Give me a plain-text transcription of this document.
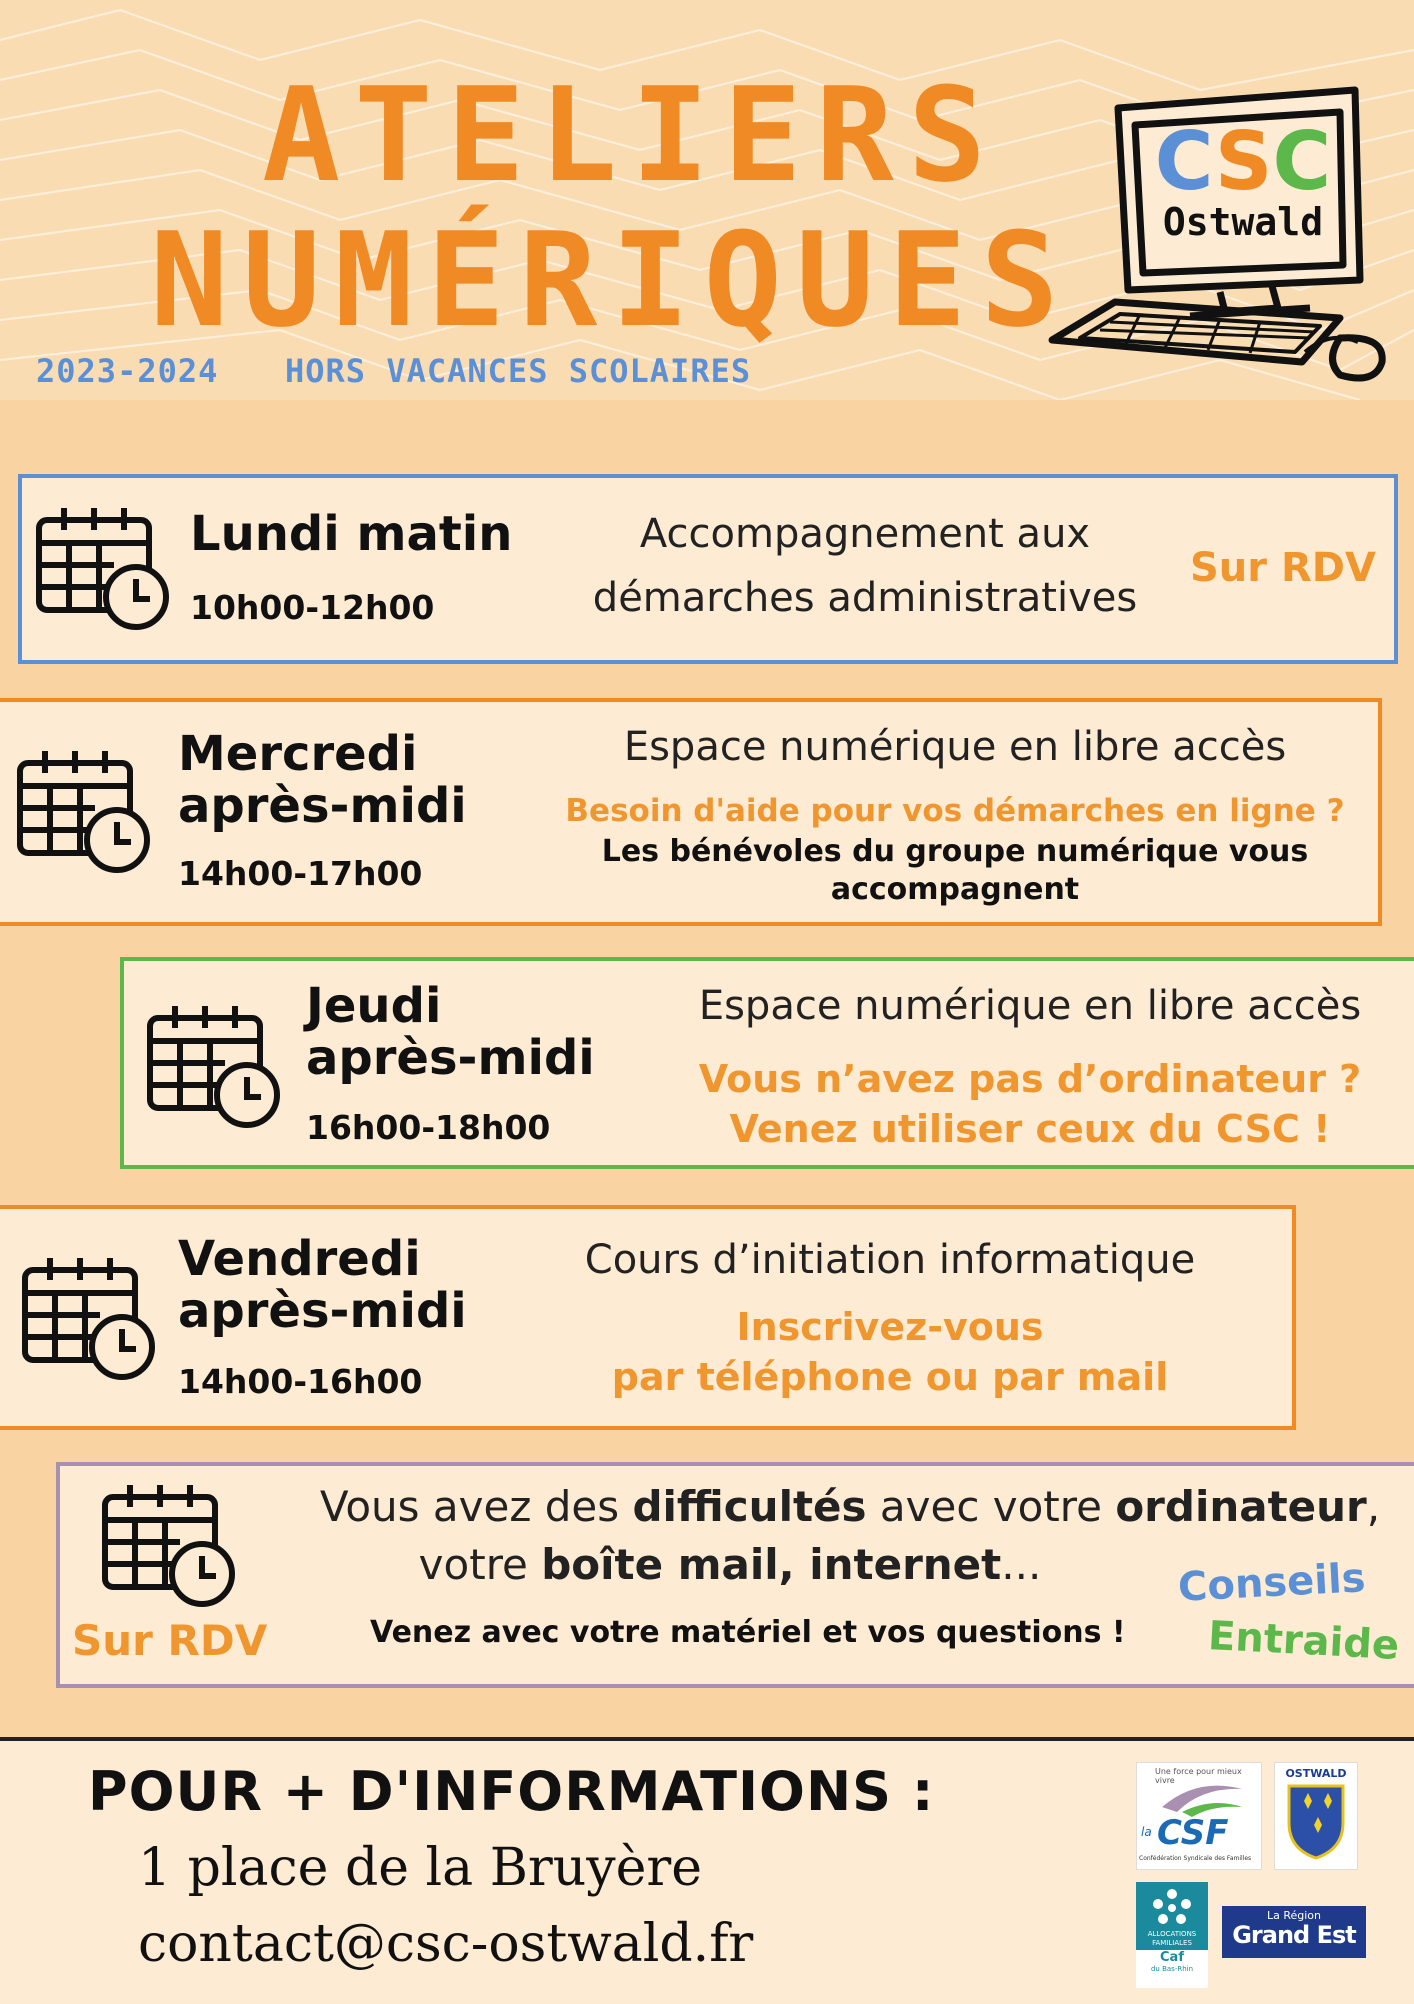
ATELIERS
NUMÉRIQUES
2023-2024 HORS VACANCES SCOLAIRES
CSC
Ostwald
Lundi matin
10h00-12h00
Accompagnement aux
démarches administratives
Sur RDV
Mercredi
après-midi
14h00-17h00
Espace numérique en libre accès
Besoin d'aide pour vos démarches en ligne ?
Les bénévoles du groupe numérique vous
accompagnent
Jeudi
après-midi
16h00-18h00
Espace numérique en libre accès
Vous n’avez pas d’ordinateur ?
Venez utiliser ceux du CSC !
Vendredi
après-midi
14h00-16h00
Cours d’initiation informatique
Inscrivez-vous
par téléphone ou par mail
Sur RDV
Vous avez des difficultés avec votre ordinateur,
votre boîte mail, internet...
Venez avec votre matériel et vos questions !
Conseils
Entraide
POUR + D'INFORMATIONS :
1 place de la Bruyère
contact@csc-ostwald.fr
Une force pour mieux vivre
la CSF
Confédération Syndicale des Familles
OSTWALD
ALLOCATIONS
FAMILIALES
Caf
du Bas-Rhin
La Région
Grand Est
